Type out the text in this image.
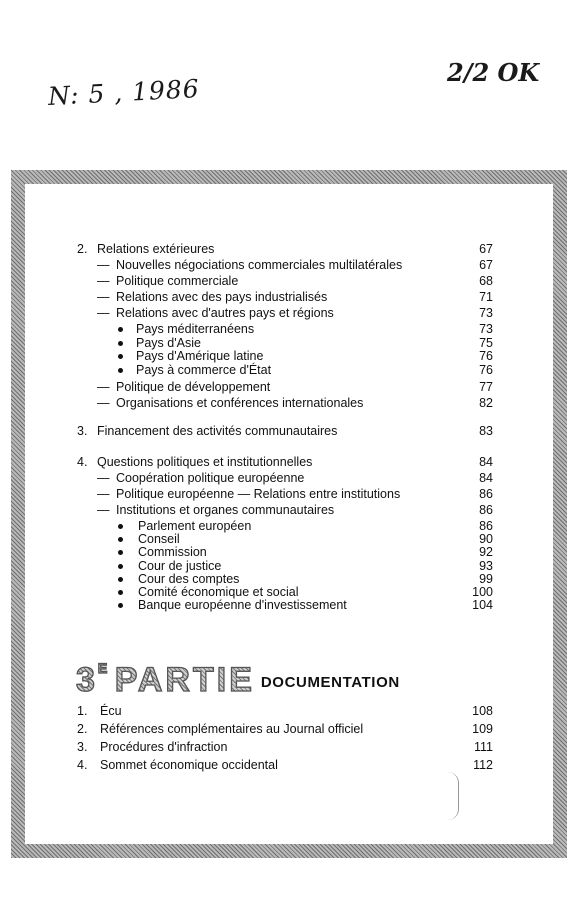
N: 5 , 1986
2/2 OK
2. Relations extérieures	67
— Nouvelles négociations commerciales multilatérales	67
— Politique commerciale	68
— Relations avec des pays industrialisés	71
— Relations avec d'autres pays et régions	73
Pays méditerranéens	73
Pays d'Asie	75
Pays d'Amérique latine	76
Pays à commerce d'État	76
— Politique de développement	77
— Organisations et conférences internationales	82
3. Financement des activités communautaires	83
4. Questions politiques et institutionnelles	84
— Coopération politique européenne	84
— Politique européenne — Relations entre institutions	86
— Institutions et organes communautaires	86
Parlement européen	86
Conseil	90
Commission	92
Cour de justice	93
Cour des comptes	99
Comité économique et social	100
Banque européenne d'investissement	104
1. Écu	108
2. Références complémentaires au Journal officiel	109
3. Procédures d'infraction	111
4. Sommet économique occidental	112
3E PARTIE DOCUMENTATION
